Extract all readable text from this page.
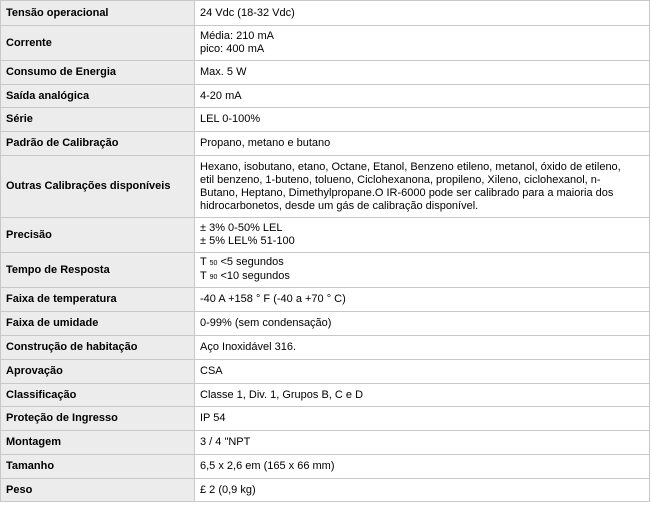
Tensão operacional	24 Vdc (18-32 Vdc)

Corrente	Média: 210 mA
pico: 400 mA

Consumo de Energia	Max. 5 W

Saída analógica	4-20 mA

Série	LEL 0-100%

Padrão de Calibração	Propano, metano e butano

Outras Calibrações disponíveis	Hexano, isobutano, etano, Octane, Etanol, Benzeno etileno, metanol, óxido de etileno,
etil benzeno, 1-buteno, tolueno, Ciclohexanona, propileno, Xileno, ciclohexanol, n-
Butano, Heptano, Dimethylpropane.O IR-6000 pode ser calibrado para a maioria dos
hidrocarbonetos, desde um gás de calibração disponível.

Precisão	± 3% 0-50% LEL
± 5% LEL% 51-100

Tempo de Resposta	T 50 <5 segundos
T 90 <10 segundos

Faixa de temperatura	-40 A +158 ° F (-40 a +70 ° C)

Faixa de umidade	0-99% (sem condensação)

Construção de habitação	Aço Inoxidável 316.

Aprovação	CSA

Classificação	Classe 1, Div. 1, Grupos B, C e D

Proteção de Ingresso	IP 54

Montagem	3 / 4 "NPT

Tamanho	6,5 x 2,6 em (165 x 66 mm)

Peso	£ 2 (0,9 kg)
